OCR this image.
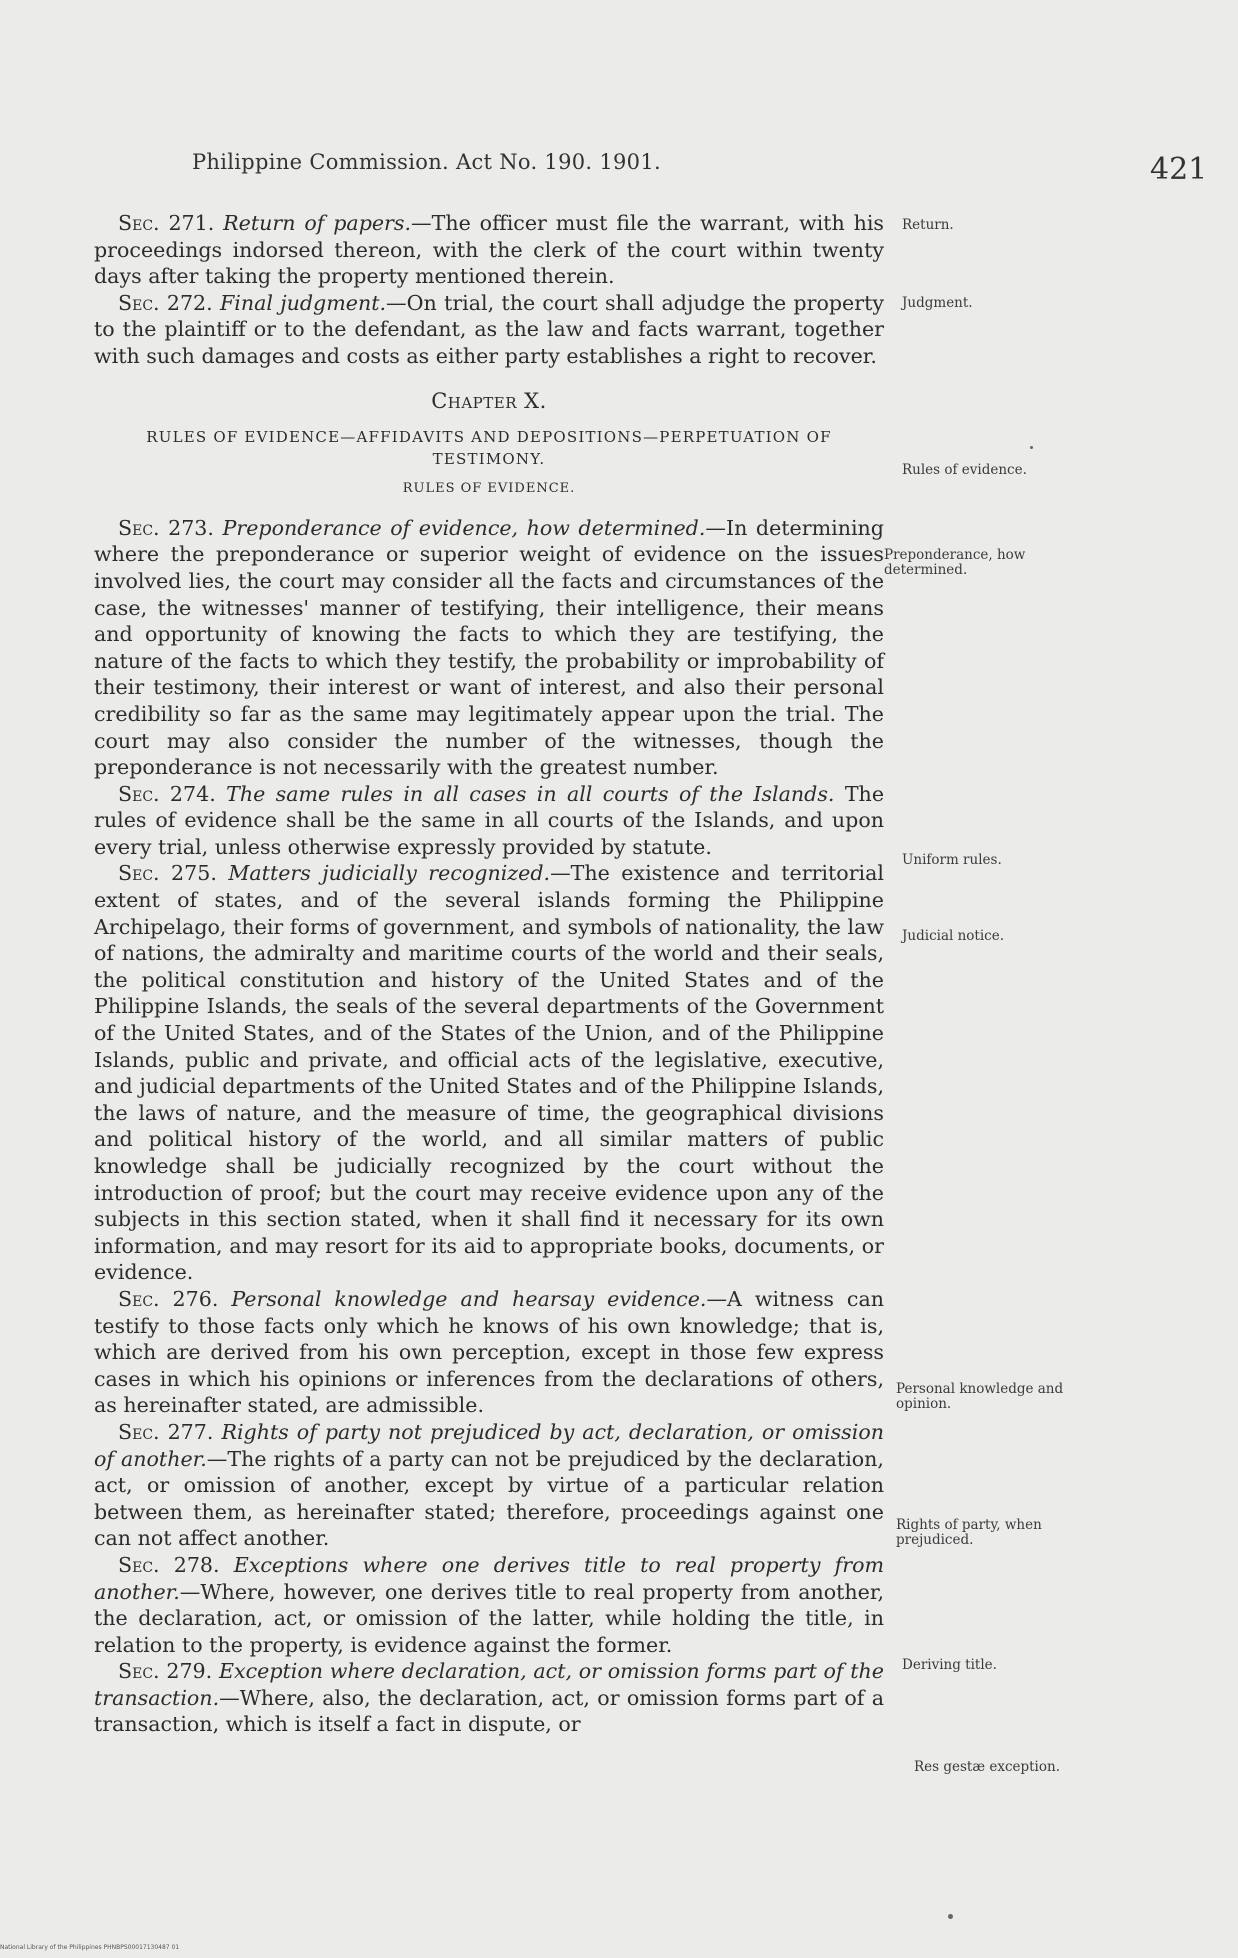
Philippine Commission. Act No. 190. 1901.	421

Sec. 271. Return of papers.—The officer must file the warrant, with his proceedings indorsed thereon, with the clerk of the court within twenty days after taking the property mentioned therein.

Sec. 272. Final judgment.—On trial, the court shall adjudge the property to the plaintiff or to the defendant, as the law and facts warrant, together with such damages and costs as either party establishes a right to recover.

Chapter X.
RULES OF EVIDENCE—AFFIDAVITS AND DEPOSITIONS—PERPETUATION OF TESTIMONY.
RULES OF EVIDENCE.

Sec. 273. Preponderance of evidence, how determined.—In determining where the preponderance or superior weight of evidence on the issues involved lies, the court may consider all the facts and circumstances of the case, the witnesses' manner of testifying, their intelligence, their means and opportunity of knowing the facts to which they are testifying, the nature of the facts to which they testify, the probability or improbability of their testimony, their interest or want of interest, and also their personal credibility so far as the same may legitimately appear upon the trial. The court may also consider the number of the witnesses, though the preponderance is not necessarily with the greatest number.

Sec. 274. The same rules in all cases in all courts of the Islands. The rules of evidence shall be the same in all courts of the Islands, and upon every trial, unless otherwise expressly provided by statute.

Sec. 275. Matters judicially recognized.—The existence and territorial extent of states, and of the several islands forming the Philippine Archipelago, their forms of government, and symbols of nationality, the law of nations, the admiralty and maritime courts of the world and their seals, the political constitution and history of the United States and of the Philippine Islands, the seals of the several departments of the Government of the United States, and of the States of the Union, and of the Philippine Islands, public and private, and official acts of the legislative, executive, and judicial departments of the United States and of the Philippine Islands, the laws of nature, and the measure of time, the geographical divisions and political history of the world, and all similar matters of public knowledge shall be judicially recognized by the court without the introduction of proof; but the court may receive evidence upon any of the subjects in this section stated, when it shall find it necessary for its own information, and may resort for its aid to appropriate books, documents, or evidence.

Sec. 276. Personal knowledge and hearsay evidence.—A witness can testify to those facts only which he knows of his own knowledge; that is, which are derived from his own perception, except in those few express cases in which his opinions or inferences from the declarations of others, as hereinafter stated, are admissible.

Sec. 277. Rights of party not prejudiced by act, declaration, or omission of another.—The rights of a party can not be prejudiced by the declaration, act, or omission of another, except by virtue of a particular relation between them, as hereinafter stated; therefore, proceedings against one can not affect another.

Sec. 278. Exceptions where one derives title to real property from another.—Where, however, one derives title to real property from another, the declaration, act, or omission of the latter, while holding the title, in relation to the property, is evidence against the former.

Sec. 279. Exception where declaration, act, or omission forms part of the transaction.—Where, also, the declaration, act, or omission forms part of a transaction, which is itself a fact in dispute, or

Return.
Judgment.
Rules of evidence.
Preponderance, how determined.
Uniform rules.
Judicial notice.
Personal knowledge and opinion.
Rights of party, when prejudiced.
Deriving title.
Res gestæ exception.
National Library of the Philippines PHNBPS00017130487 01
